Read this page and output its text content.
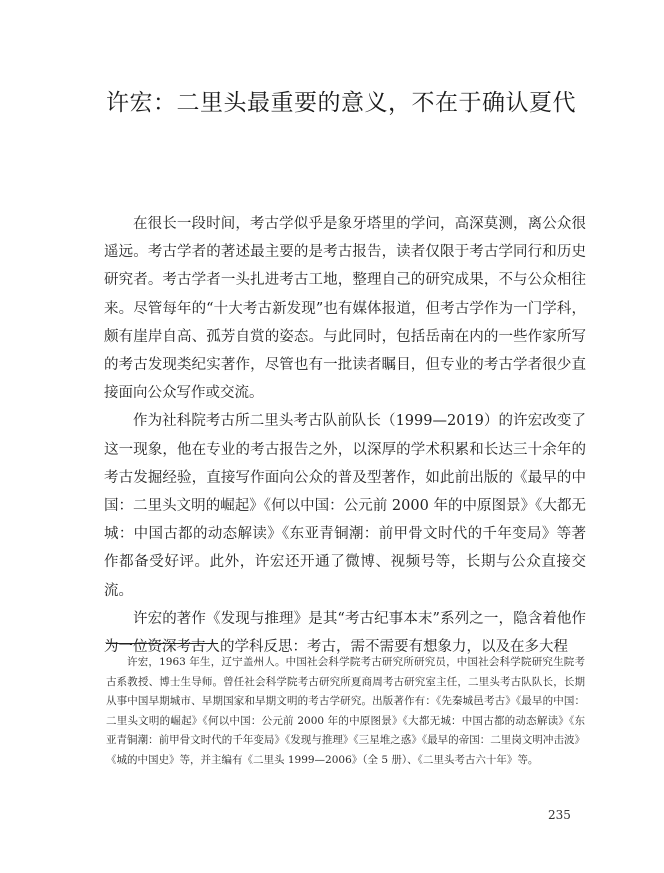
许宏：二里头最重要的意义，不在于确认夏代

在很长一段时间，考古学似乎是象牙塔里的学问，高深莫测，离公众很遥远。考古学者的著述最主要的是考古报告，读者仅限于考古学同行和历史研究者。考古学者一头扎进考古工地，整理自己的研究成果，不与公众相往来。尽管每年的“十大考古新发现”也有媒体报道，但考古学作为一门学科，颇有崖岸自高、孤芳自赏的姿态。与此同时，包括岳南在内的一些作家所写的考古发现类纪实著作，尽管也有一批读者瞩目，但专业的考古学者很少直接面向公众写作或交流。

作为社科院考古所二里头考古队前队长（1999—2019）的许宏改变了这一现象，他在专业的考古报告之外，以深厚的学术积累和长达三十余年的考古发掘经验，直接写作面向公众的普及型著作，如此前出版的《最早的中国：二里头文明的崛起》《何以中国：公元前 2000 年的中原图景》《大都无城：中国古都的动态解读》《东亚青铜潮：前甲骨文时代的千年变局》等著作都备受好评。此外，许宏还开通了微博、视频号等，长期与公众直接交流。

许宏的著作《发现与推理》是其“考古纪事本末”系列之一，隐含着他作为一位资深考古人的学科反思：考古，需不需要有想象力，以及在多大程

许宏，1963 年生，辽宁盖州人。中国社会科学院考古研究所研究员，中国社会科学院研究生院考古系教授、博士生导师。曾任社会科学院考古研究所夏商周考古研究室主任，二里头考古队队长，长期从事中国早期城市、早期国家和早期文明的考古学研究。出版著作有：《先秦城邑考古》《最早的中国：二里头文明的崛起》《何以中国：公元前 2000 年的中原图景》《大都无城：中国古都的动态解读》《东亚青铜潮：前甲骨文时代的千年变局》《发现与推理》《三星堆之惑》《最早的帝国：二里岗文明冲击波》《城的中国史》等，并主编有《二里头 1999—2006》（全 5 册）、《二里头考古六十年》等。

235
